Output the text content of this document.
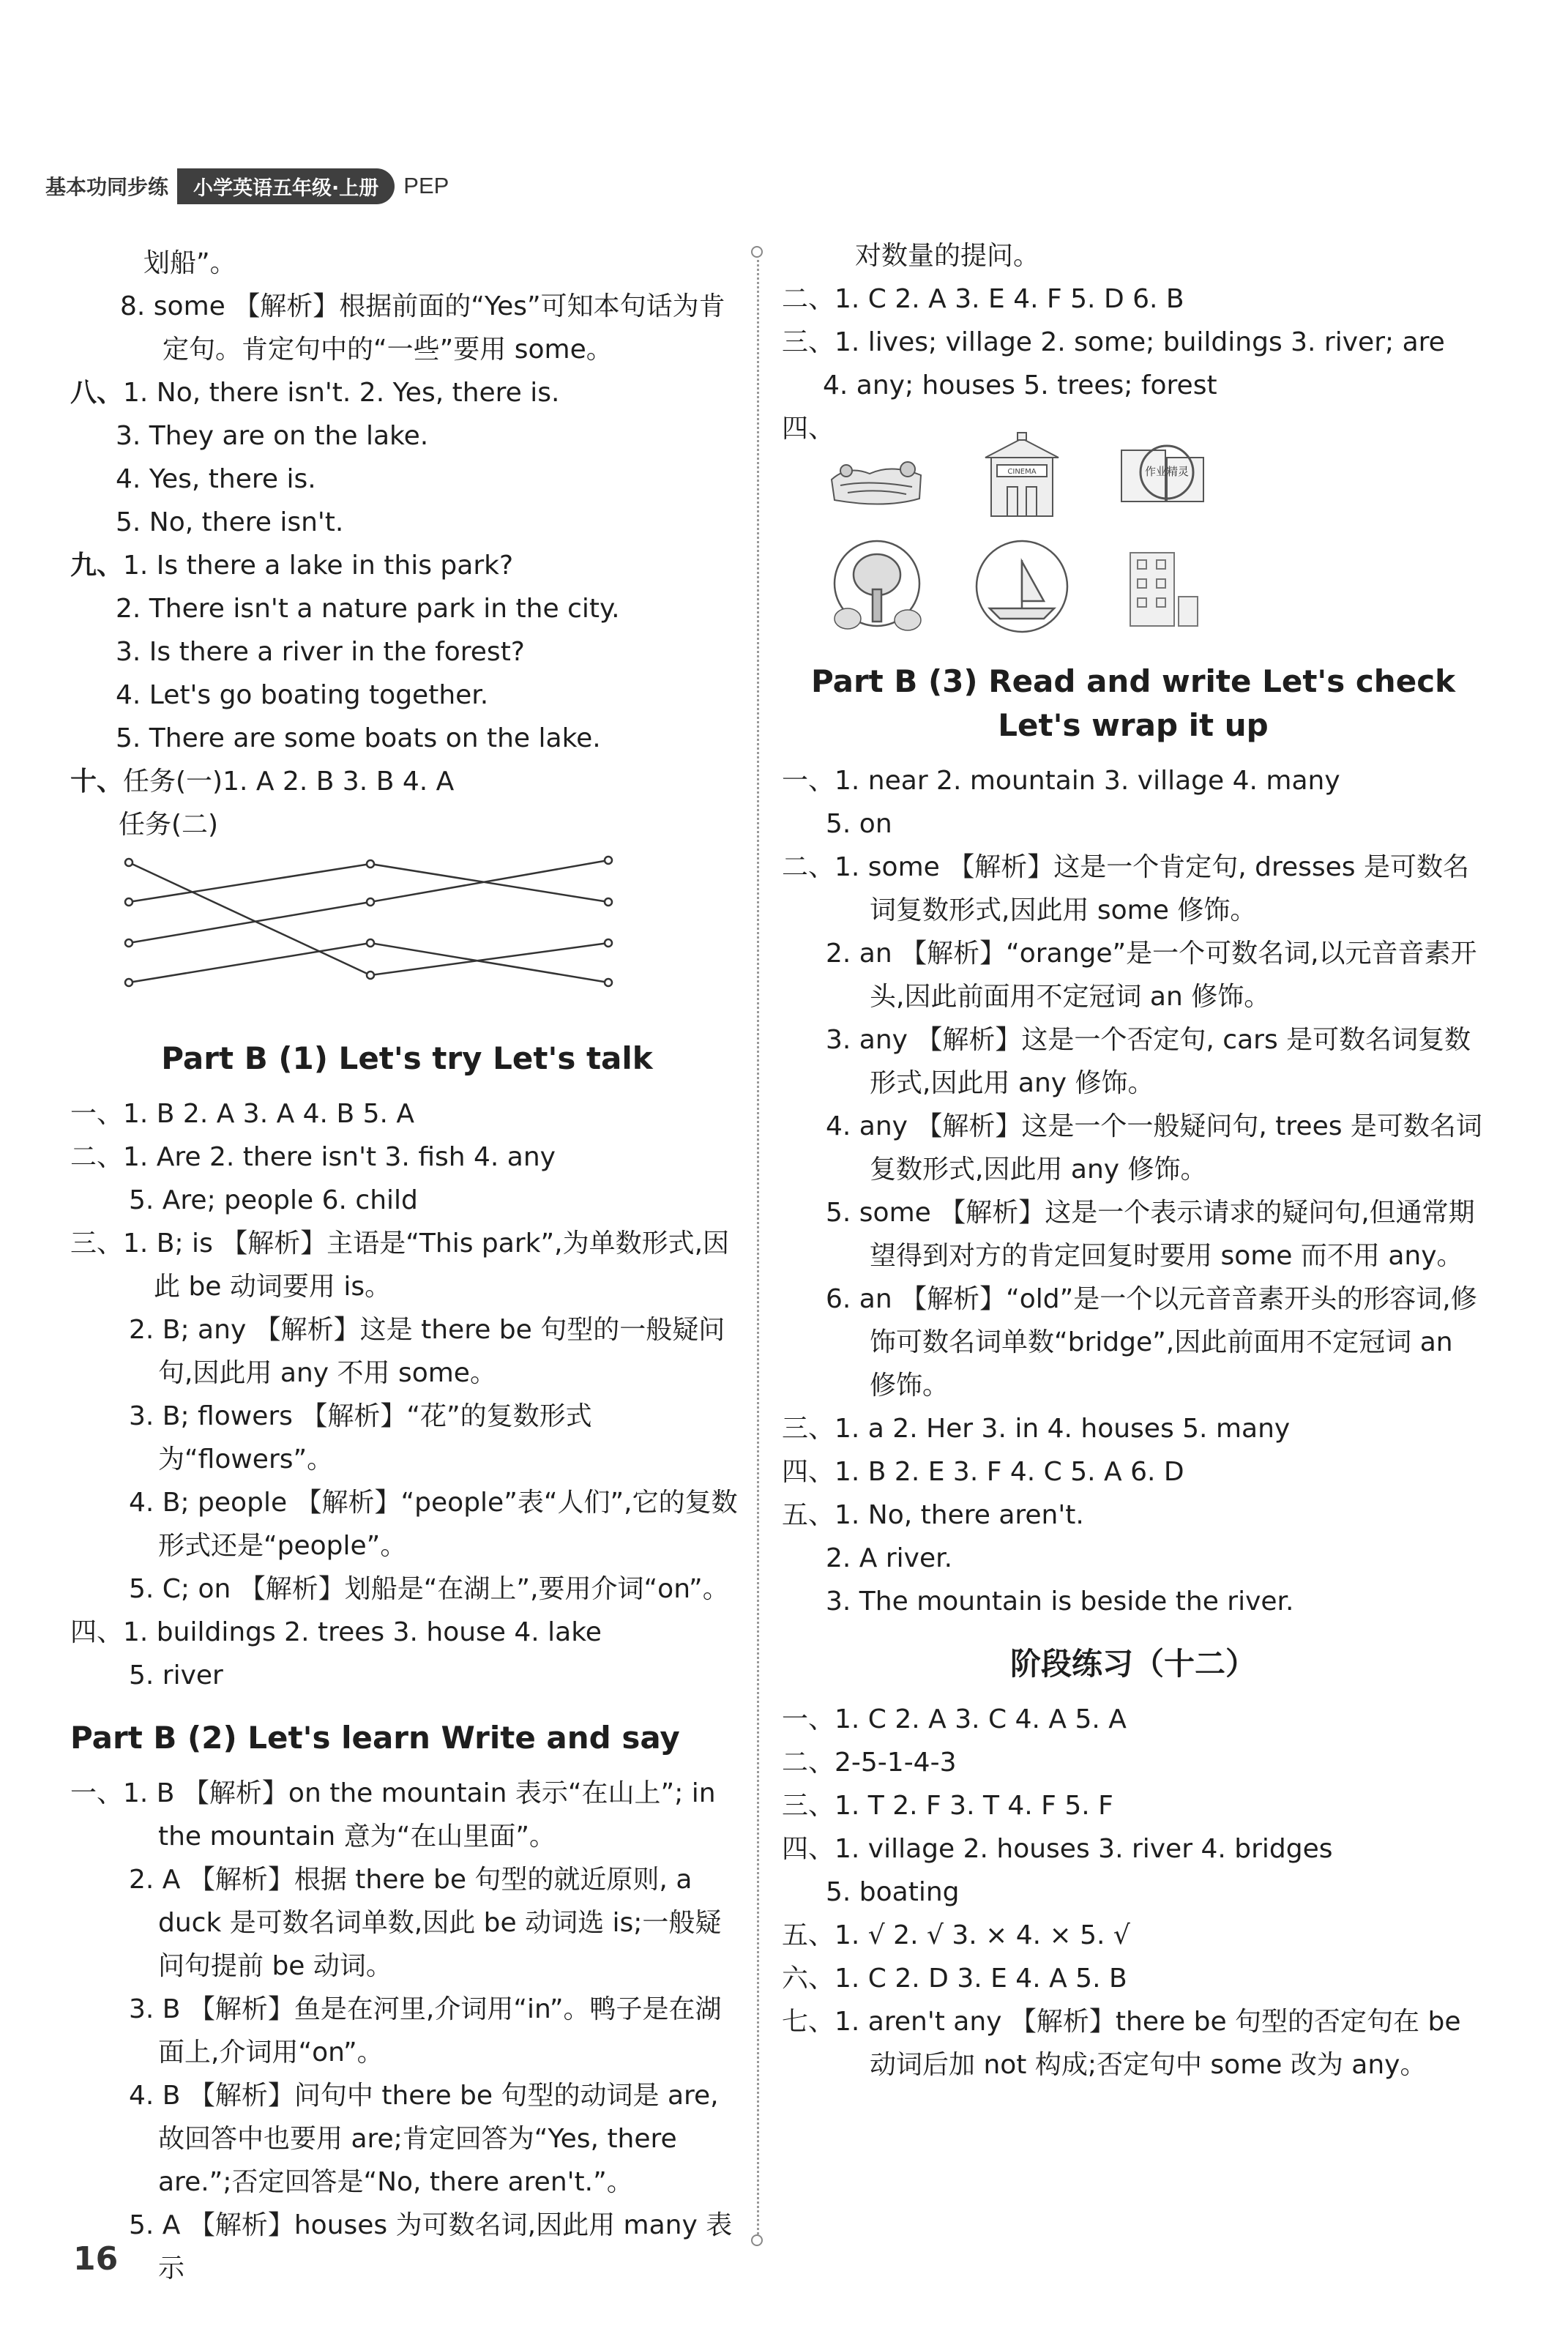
基本功同步练	小学英语五年级·上册	PEP
划船”。
8. some 【解析】根据前面的“Yes”可知本句话为肯定句。肯定句中的“一些”要用 some。
八、1. No, there isn't. 2. Yes, there is.
3. They are on the lake.
4. Yes, there is.
5. No, there isn't.
九、1. Is there a lake in this park?
2. There isn't a nature park in the city.
3. Is there a river in the forest?
4. Let's go boating together.
5. There are some boats on the lake.
十、任务(一)1. A 2. B 3. B 4. A
任务(二)
Part B (1) Let's try Let's talk
一、1. B 2. A 3. A 4. B 5. A
二、1. Are 2. there isn't 3. fish 4. any
5. Are; people 6. child
三、1. B; is 【解析】主语是“This park”,为单数形式,因此 be 动词要用 is。
2. B; any 【解析】这是 there be 句型的一般疑问句,因此用 any 不用 some。
3. B; flowers 【解析】“花”的复数形式为“flowers”。
4. B; people 【解析】“people”表“人们”,它的复数形式还是“people”。
5. C; on 【解析】划船是“在湖上”,要用介词“on”。
四、1. buildings 2. trees 3. house 4. lake
5. river
Part B (2) Let's learn Write and say
一、1. B 【解析】on the mountain 表示“在山上”; in the mountain 意为“在山里面”。
2. A 【解析】根据 there be 句型的就近原则, a duck 是可数名词单数,因此 be 动词选 is;一般疑问句提前 be 动词。
3. B 【解析】鱼是在河里,介词用“in”。鸭子是在湖面上,介词用“on”。
4. B 【解析】问句中 there be 句型的动词是 are,故回答中也要用 are;肯定回答为“Yes, there are.”;否定回答是“No, there aren't.”。
5. A 【解析】houses 为可数名词,因此用 many 表示
对数量的提问。
二、1. C 2. A 3. E 4. F 5. D 6. B
三、1. lives; village 2. some; buildings 3. river; are
4. any; houses 5. trees; forest
四、
CINEMA	作业精灵
Part B (3) Read and write Let's check
Let's wrap it up
一、1. near 2. mountain 3. village 4. many
5. on
二、1. some 【解析】这是一个肯定句, dresses 是可数名词复数形式,因此用 some 修饰。
2. an 【解析】“orange”是一个可数名词,以元音音素开头,因此前面用不定冠词 an 修饰。
3. any 【解析】这是一个否定句, cars 是可数名词复数形式,因此用 any 修饰。
4. any 【解析】这是一个一般疑问句, trees 是可数名词复数形式,因此用 any 修饰。
5. some 【解析】这是一个表示请求的疑问句,但通常期望得到对方的肯定回复时要用 some 而不用 any。
6. an 【解析】“old”是一个以元音音素开头的形容词,修饰可数名词单数“bridge”,因此前面用不定冠词 an 修饰。
三、1. a 2. Her 3. in 4. houses 5. many
四、1. B 2. E 3. F 4. C 5. A 6. D
五、1. No, there aren't.
2. A river.
3. The mountain is beside the river.
阶段练习（十二）
一、1. C 2. A 3. C 4. A 5. A
二、2-5-1-4-3
三、1. T 2. F 3. T 4. F 5. F
四、1. village 2. houses 3. river 4. bridges
5. boating
五、1. √ 2. √ 3. × 4. × 5. √
六、1. C 2. D 3. E 4. A 5. B
七、1. aren't any 【解析】there be 句型的否定句在 be 动词后加 not 构成;否定句中 some 改为 any。
16
